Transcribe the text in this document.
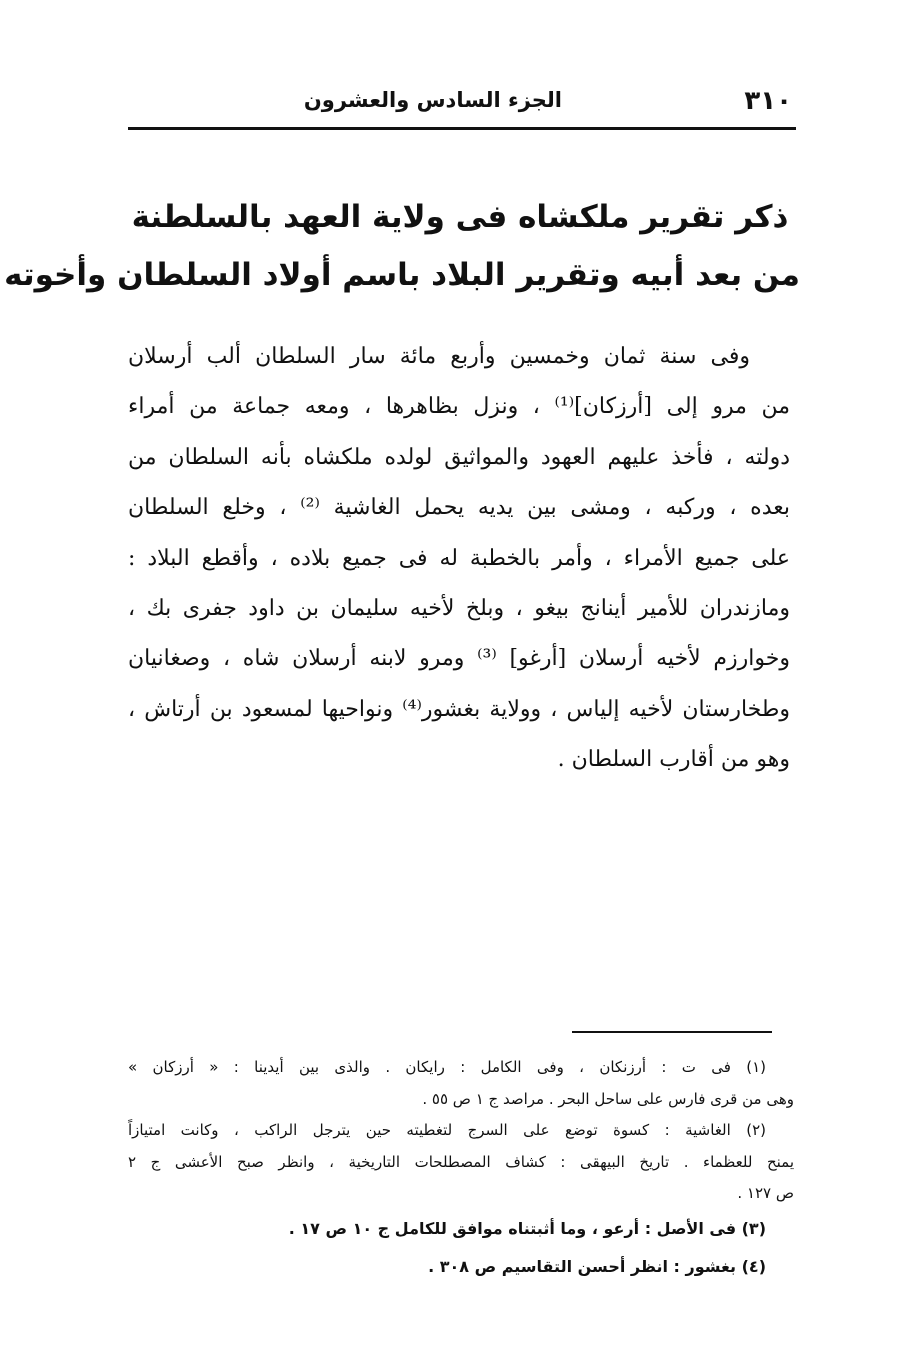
٣١٠
الجزء السادس والعشرون
ذكر تقرير ملكشاه فى ولاية العهد بالسلطنة
من بعد أبيه وتقرير البلاد باسم أولاد السلطان وأخوته
وفى سنة ثمان وخمسين وأربع مائة سار السلطان ألب أرسلان
من مرو إلى [أرزكان]⁽¹⁾ ، ونزل بظاهرها ، ومعه جماعة من أمراء
دولته ، فأخذ عليهم العهود والمواثيق لولده ملكشاه بأنه السلطان من
بعده ، وركبه ، ومشى بين يديه يحمل الغاشية ⁽²⁾ ، وخلع السلطان
على جميع الأمراء ، وأمر بالخطبة له فى جميع بلاده ، وأقطع البلاد :
ومازندران للأمير أينانج بيغو ، وبلخ لأخيه سليمان بن داود جفرى بك ،
وخوارزم لأخيه أرسلان [أرغو] ⁽³⁾ ومرو لابنه أرسلان شاه ، وصغانيان
وطخارستان لأخيه إلياس ، وولاية بغشور⁽⁴⁾ ونواحيها لمسعود بن أرتاش ،
وهو من أقارب السلطان .
(١) فى ت : أرزنكان ، وفى الكامل : رايكان . والذى بين أيدينا : « أرزكان »
وهى من قرى فارس على ساحل البحر . مراصد ج ١ ص ٥٥ .
(٢) الغاشية : كسوة توضع على السرج لتغطيته حين يترجل الراكب ، وكانت امتيازاً
يمنح للعظماء . تاريخ البيهقى : كشاف المصطلحات التاريخية ، وانظر صبح الأعشى ج ٢
ص ١٢٧ .
(٣) فى الأصل : أرعو ، وما أثبتناه موافق للكامل ج ١٠ ص ١٧ .
(٤) بغشور : انظر أحسن التقاسيم ص ٣٠٨ .
